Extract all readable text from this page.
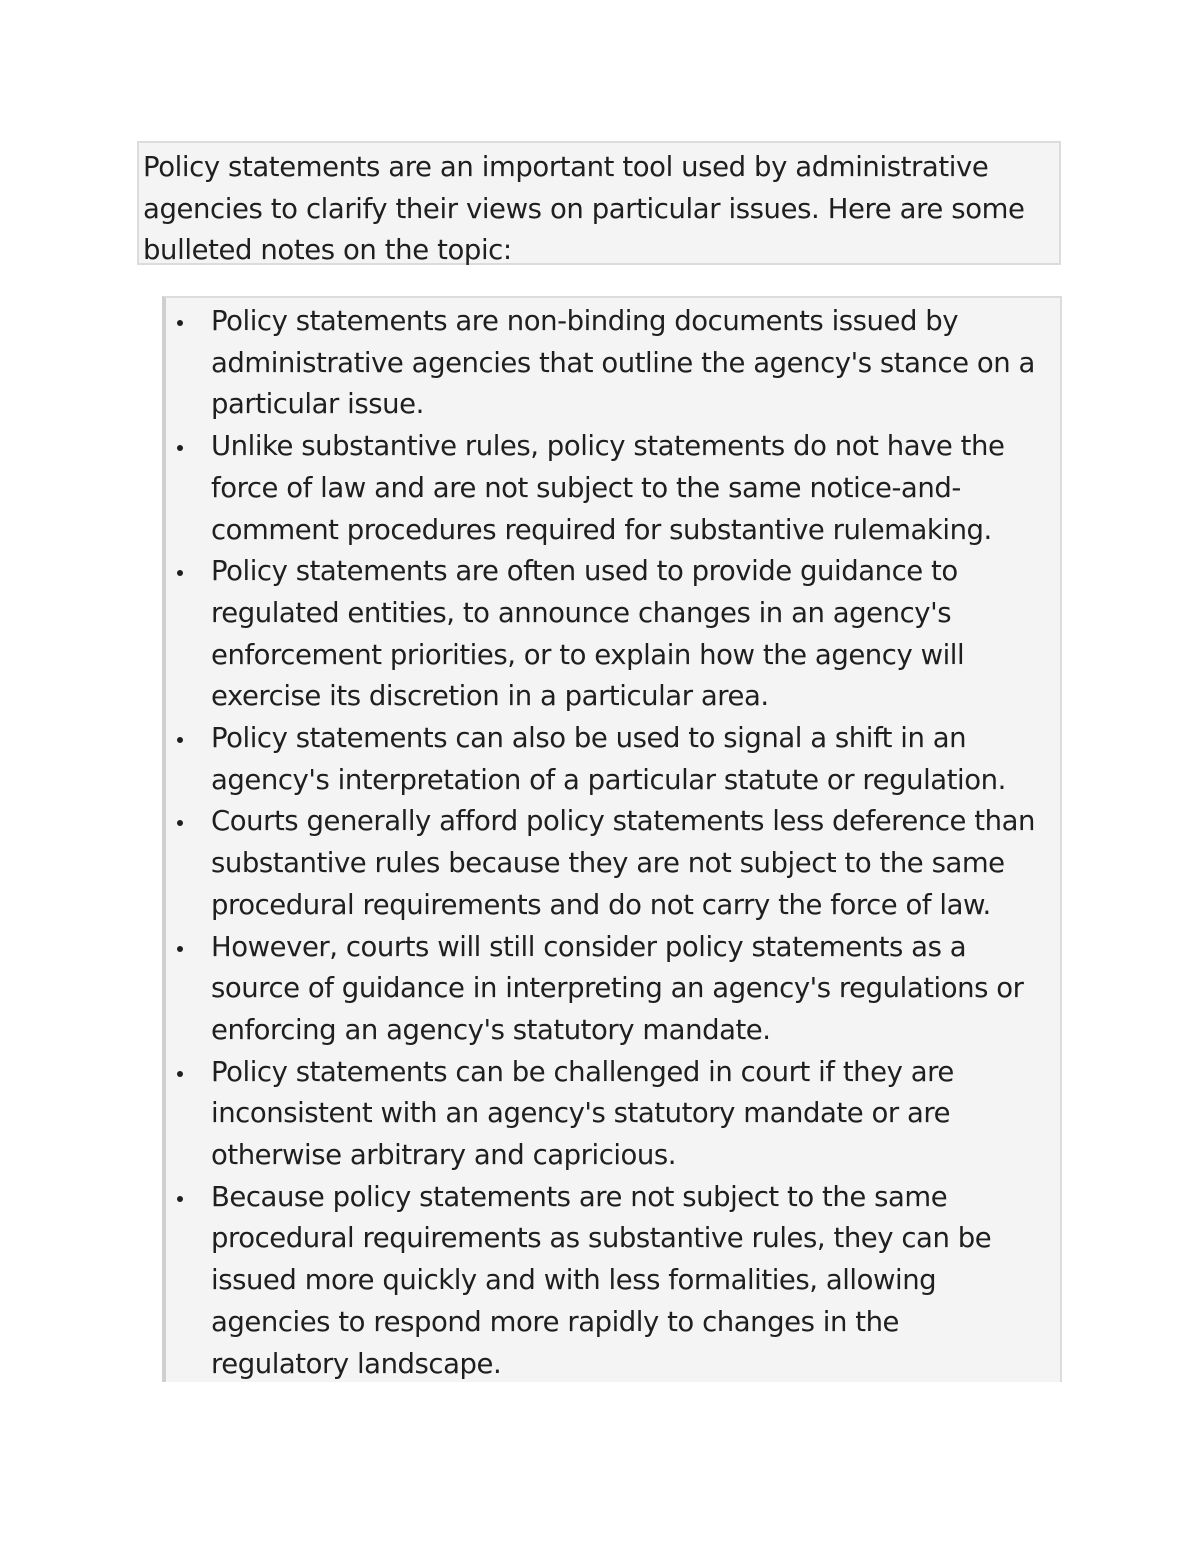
Policy statements are an important tool used by administrative
agencies to clarify their views on particular issues. Here are some
bulleted notes on the topic:

Policy statements are non-binding documents issued by
administrative agencies that outline the agency's stance on a
particular issue.
Unlike substantive rules, policy statements do not have the
force of law and are not subject to the same notice-and-
comment procedures required for substantive rulemaking.
Policy statements are often used to provide guidance to
regulated entities, to announce changes in an agency's
enforcement priorities, or to explain how the agency will
exercise its discretion in a particular area.
Policy statements can also be used to signal a shift in an
agency's interpretation of a particular statute or regulation.
Courts generally afford policy statements less deference than
substantive rules because they are not subject to the same
procedural requirements and do not carry the force of law.
However, courts will still consider policy statements as a
source of guidance in interpreting an agency's regulations or
enforcing an agency's statutory mandate.
Policy statements can be challenged in court if they are
inconsistent with an agency's statutory mandate or are
otherwise arbitrary and capricious.
Because policy statements are not subject to the same
procedural requirements as substantive rules, they can be
issued more quickly and with less formalities, allowing
agencies to respond more rapidly to changes in the
regulatory landscape.
